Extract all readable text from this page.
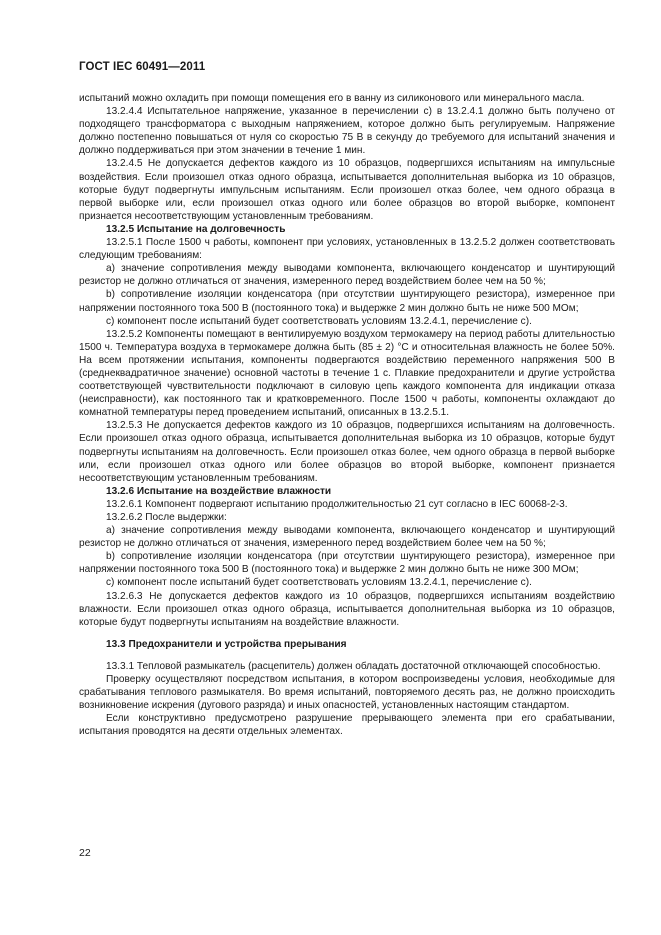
ГОСТ IEC 60491—2011

испытаний можно охладить при помощи помещения его в ванну из силиконового или минерального масла.

13.2.4.4 Испытательное напряжение, указанное в перечислении с) в 13.2.4.1 должно быть получено от подходящего трансформатора с выходным напряжением, которое должно быть регулируемым. Напряжение должно постепенно повышаться от нуля со скоростью 75 В в секунду до требуемого для испытаний значения и должно поддерживаться при этом значении в течение 1 мин.

13.2.4.5 Не допускается дефектов каждого из 10 образцов, подвергшихся испытаниям на импульсные воздействия. Если произошел отказ одного образца, испытывается дополнительная выборка из 10 образцов, которые будут подвергнуты импульсным испытаниям. Если произошел отказ более, чем одного образца в первой выборке или, если произошел отказ одного или более образцов во второй выборке, компонент признается несоответствующим установленным требованиям.

13.2.5 Испытание на долговечность

13.2.5.1 После 1500 ч работы, компонент при условиях, установленных в 13.2.5.2 должен соответствовать следующим требованиям:

а) значение сопротивления между выводами компонента, включающего конденсатор и шунтирующий резистор не должно отличаться от значения, измеренного перед воздействием более чем на 50 %;

b) сопротивление изоляции конденсатора (при отсутствии шунтирующего резистора), измеренное при напряжении постоянного тока 500 В (постоянного тока) и выдержке 2 мин должно быть не ниже 500 МОм;

с) компонент после испытаний будет соответствовать условиям 13.2.4.1, перечисление с).

13.2.5.2 Компоненты помещают в вентилируемую воздухом термокамеру на период работы длительностью 1500 ч. Температура воздуха в термокамере должна быть (85 ± 2) °С и относительная влажность не более 50%. На всем протяжении испытания, компоненты подвергаются воздействию переменного напряжения 500 В (среднеквадратичное значение) основной частоты в течение 1 с. Плавкие предохранители и другие устройства соответствующей чувствительности подключают в силовую цепь каждого компонента для индикации отказа (неисправности), как постоянного так и кратковременного. После 1500 ч работы, компоненты охлаждают до комнатной температуры перед проведением испытаний, описанных в 13.2.5.1.

13.2.5.3 Не допускается дефектов каждого из 10 образцов, подвергшихся испытаниям на долговечность. Если произошел отказ одного образца, испытывается дополнительная выборка из 10 образцов, которые будут подвергнуты испытаниям на долговечность. Если произошел отказ более, чем одного образца в первой выборке или, если произошел отказ одного или более образцов во второй выборке, компонент признается несоответствующим установленным требованиям.

13.2.6 Испытание на воздействие влажности

13.2.6.1 Компонент подвергают испытанию продолжительностью 21 сут согласно в IEC 60068-2-3.

13.2.6.2 После выдержки:

а) значение сопротивления между выводами компонента, включающего конденсатор и шунтирующий резистор не должно отличаться от значения, измеренного перед воздействием более чем на 50 %;

b) сопротивление изоляции конденсатора (при отсутствии шунтирующего резистора), измеренное при напряжении постоянного тока 500 В (постоянного тока) и выдержке 2 мин должно быть не ниже 300 МОм;

с) компонент после испытаний будет соответствовать условиям 13.2.4.1, перечисление с).

13.2.6.3 Не допускается дефектов каждого из 10 образцов, подвергшихся испытаниям воздействию влажности. Если произошел отказ одного образца, испытывается дополнительная выборка из 10 образцов, которые будут подвергнуты испытаниям на воздействие влажности.

13.3 Предохранители и устройства прерывания

13.3.1 Тепловой размыкатель (расцепитель) должен обладать достаточной отключающей способностью.

Проверку осуществляют посредством испытания, в котором воспроизведены условия, необходимые для срабатывания теплового размыкателя. Во время испытаний, повторяемого десять раз, не должно происходить возникновение искрения (дугового разряда) и иных опасностей, установленных настоящим стандартом.

Если конструктивно предусмотрено разрушение прерывающего элемента при его срабатывании, испытания проводятся на десяти отдельных элементах.

22
